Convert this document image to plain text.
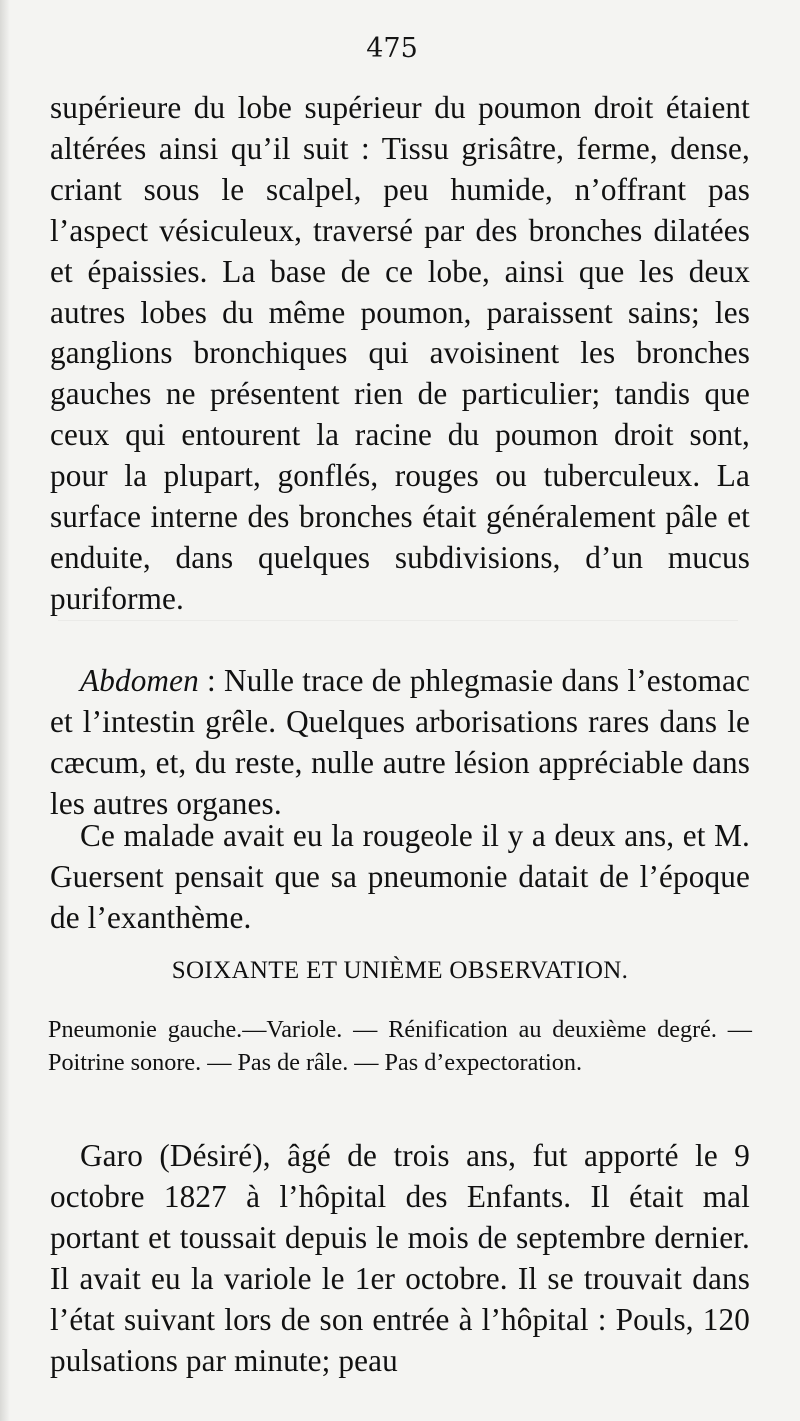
475

supérieure du lobe supérieur du poumon droit étaient altérées ainsi qu’il suit : Tissu grisâtre, ferme, dense, criant sous le scalpel, peu humide, n’offrant pas l’aspect vésiculeux, traversé par des bronches dilatées et épaissies. La base de ce lobe, ainsi que les deux autres lobes du même poumon, paraissent sains; les ganglions bronchiques qui avoisinent les bronches gauches ne présentent rien de particulier; tandis que ceux qui entourent la racine du poumon droit sont, pour la plupart, gonflés, rouges ou tuberculeux. La surface interne des bronches était généralement pâle et enduite, dans quelques subdivisions, d’un mucus puriforme.

Abdomen : Nulle trace de phlegmasie dans l’estomac et l’intestin grêle. Quelques arborisations rares dans le cæcum, et, du reste, nulle autre lésion appréciable dans les autres organes.

Ce malade avait eu la rougeole il y a deux ans, et M. Guersent pensait que sa pneumonie datait de l’époque de l’exanthème.

SOIXANTE ET UNIÈME OBSERVATION.
Pneumonie gauche.—Variole. — Rénification au deuxième degré. — Poitrine sonore. — Pas de râle. — Pas d’expectoration.

Garo (Désiré), âgé de trois ans, fut apporté le 9 octobre 1827 à l’hôpital des Enfants. Il était mal portant et toussait depuis le mois de septembre dernier. Il avait eu la variole le 1er octobre. Il se trouvait dans l’état suivant lors de son entrée à l’hôpital : Pouls, 120 pulsations par minute; peau
